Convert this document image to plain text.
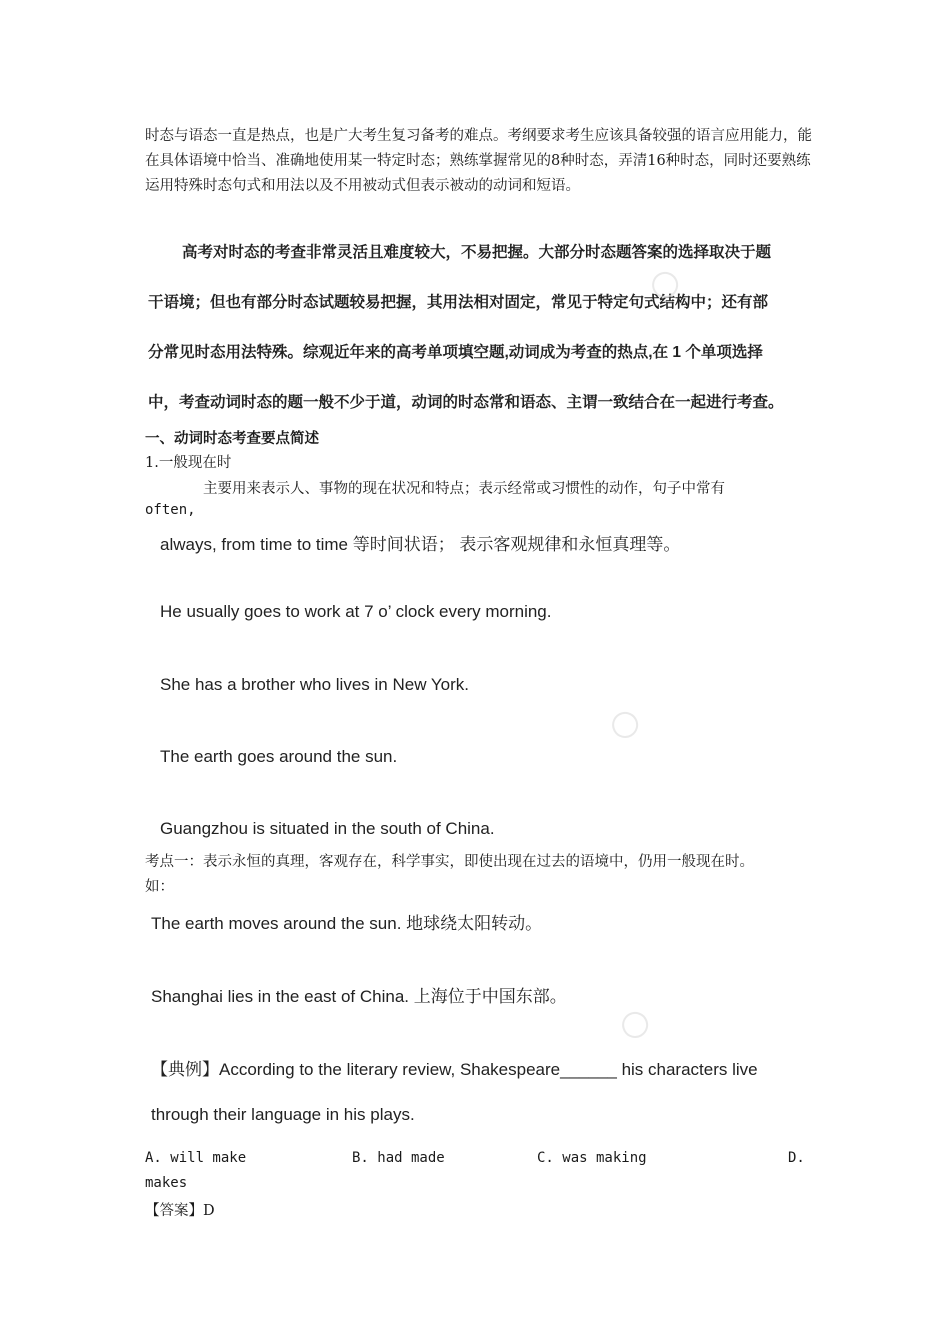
时态与语态一直是热点，也是广大考生复习备考的难点。考纲要求考生应该具备较强的语言应用能力，能在具体语境中恰当、准确地使用某一特定时态；熟练掌握常见的8种时态，弄清16种时态，同时还要熟练运用特殊时态句式和用法以及不用被动式但表示被动的动词和短语。

高考对时态的考查非常灵活且难度较大，不易把握。大部分时态题答案的选择取决于题
干语境；但也有部分时态试题较易把握，其用法相对固定，常见于特定句式结构中；还有部
分常见时态用法特殊。综观近年来的高考单项填空题,动词成为考查的热点,在 1 个单项选择
中，考查动词时态的题一般不少于道，动词的时态常和语态、主谓一致结合在一起进行考查。
一、动词时态考查要点简述
1.一般现在时
主要用来表示人、事物的现在状况和特点；表示经常或习惯性的动作，句子中常有
often,
always, from time to time 等时间状语； 表示客观规律和永恒真理等。
He usually goes to work at 7 o’ clock every morning.
She has a brother who lives in New York.
The earth goes around the sun.
Guangzhou is situated in the south of China.
考点一：表示永恒的真理，客观存在，科学事实，即使出现在过去的语境中，仍用一般现在时。
如：
The earth moves around the sun. 地球绕太阳转动。
Shanghai lies in the east of China. 上海位于中国东部。
【典例】According to the literary review, Shakespeare______ his characters live
through their language in his plays.
A. will make	B. had made	C. was making	D.
makes
【答案】D
